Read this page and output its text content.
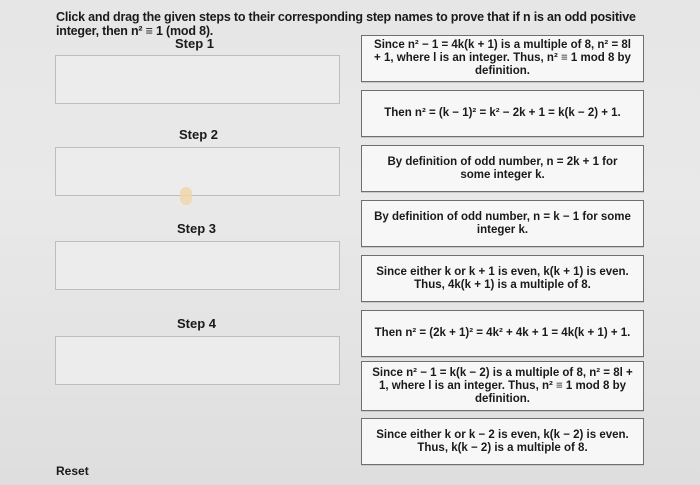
Click and drag the given steps to their corresponding step names to prove that if n is an odd positive integer, then n² ≡ 1 (mod 8).
Step 1
Step 2
Step 3
Step 4
Since n² − 1 = 4k(k + 1) is a multiple of 8, n² = 8l + 1, where l is an integer. Thus, n² ≡ 1 mod 8 by definition.
Then n² = (k − 1)² = k² − 2k + 1 = k(k − 2) + 1.
By definition of odd number, n = 2k + 1 for some integer k.
By definition of odd number, n = k − 1 for some integer k.
Since either k or k + 1 is even, k(k + 1) is even. Thus, 4k(k + 1) is a multiple of 8.
Then n² = (2k + 1)² = 4k² + 4k + 1 = 4k(k + 1) + 1.
Since n² − 1 = k(k − 2) is a multiple of 8, n² = 8l + 1, where l is an integer. Thus, n² ≡ 1 mod 8 by definition.
Since either k or k − 2 is even, k(k − 2) is even. Thus, k(k − 2) is a multiple of 8.
Reset
